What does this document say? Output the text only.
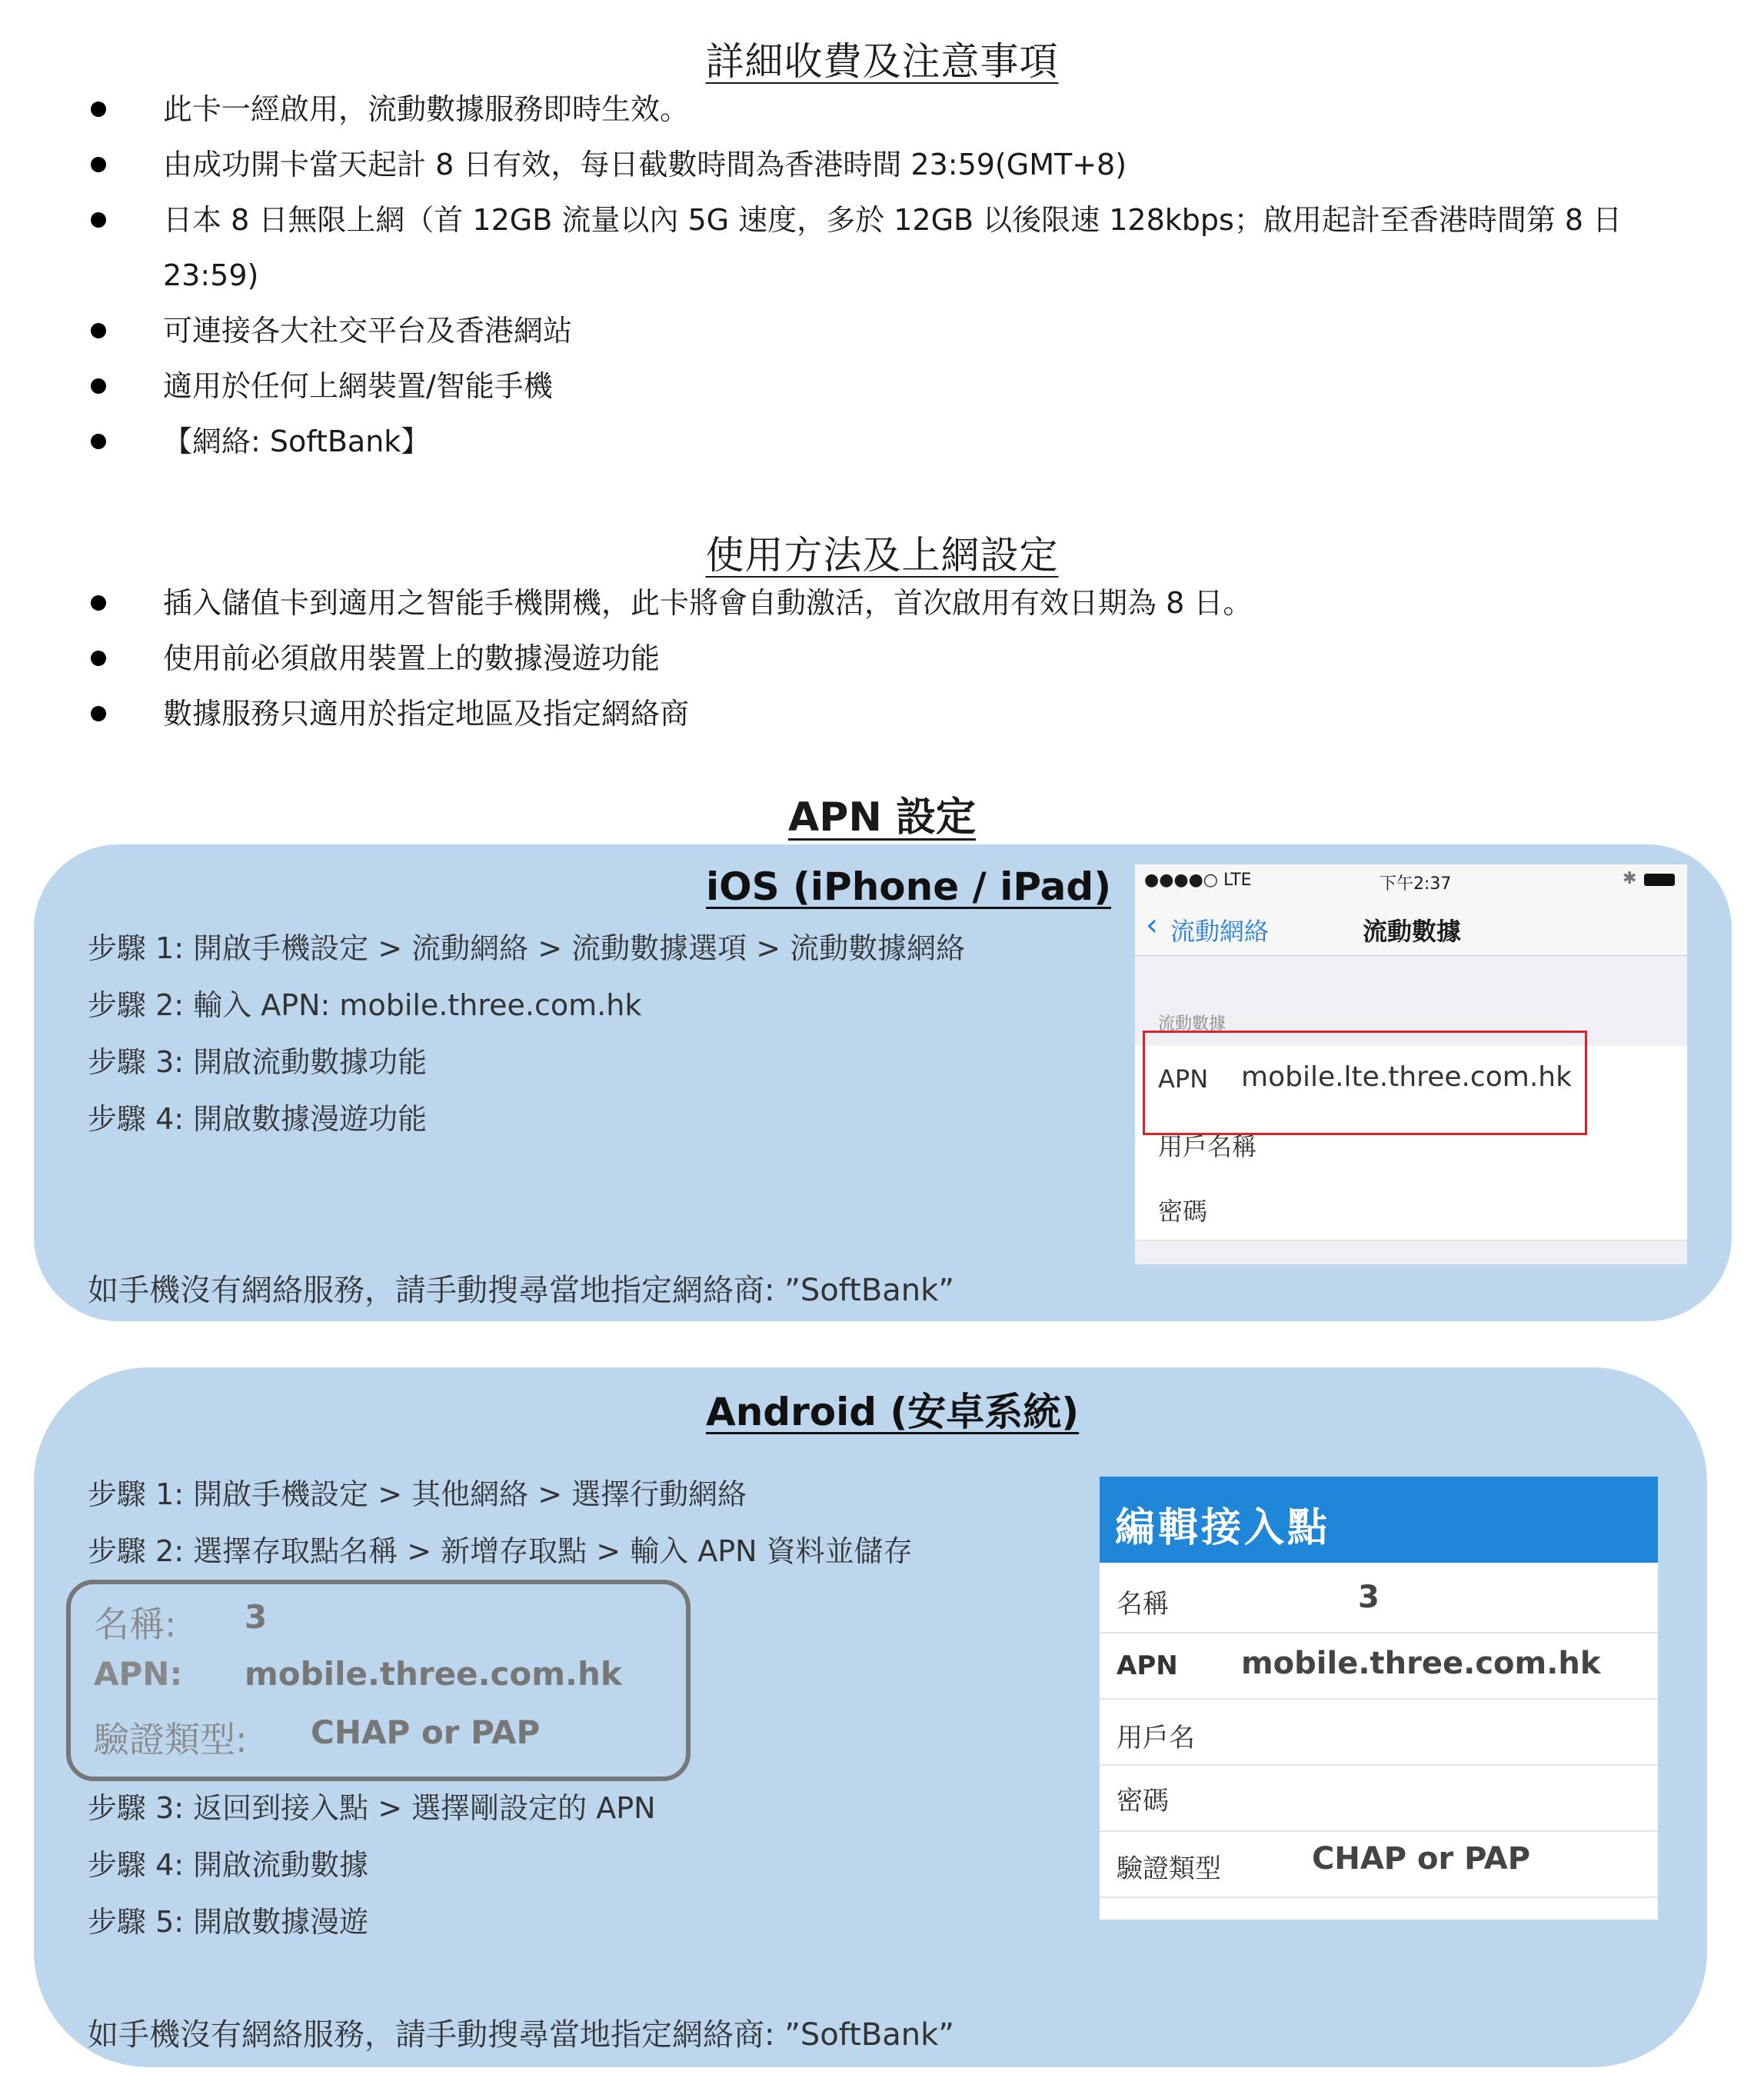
詳細收費及注意事項
此卡一經啟用，流動數據服務即時生效。
由成功開卡當天起計 8 日有效，每日截數時間為香港時間 23:59(GMT+8)
日本 8 日無限上網（首 12GB 流量以內 5G 速度，多於 12GB 以後限速 128kbps；啟用起計至香港時間第 8 日 23:59)
可連接各大社交平台及香港網站
適用於任何上網裝置/智能手機
【網絡: SoftBank】
使用方法及上網設定
插入儲值卡到適用之智能手機開機，此卡將會自動激活，首次啟用有效日期為 8 日。
使用前必須啟用裝置上的數據漫遊功能
數據服務只適用於指定地區及指定網絡商
APN 設定
iOS (iPhone / iPad)
步驟 1: 開啟手機設定 > 流動網絡 > 流動數據選項 > 流動數據網絡
步驟 2: 輸入 APN: mobile.three.com.hk
步驟 3: 開啟流動數據功能
步驟 4: 開啟數據漫遊功能
如手機沒有網絡服務，請手動搜尋當地指定網絡商: ”SoftBank”
●●●●○ LTE	下午2:37	✱
‹ 流動網絡	流動數據
流動數據
APN mobile.lte.three.com.hk
用戶名稱
密碼
Android (安卓系統)
步驟 1: 開啟手機設定 > 其他網絡 > 選擇行動網絡
步驟 2: 選擇存取點名稱 > 新增存取點 > 輸入 APN 資料並儲存
名稱: 3
APN: mobile.three.com.hk
驗證類型: CHAP or PAP
步驟 3: 返回到接入點 > 選擇剛設定的 APN
步驟 4: 開啟流動數據
步驟 5: 開啟數據漫遊
如手機沒有網絡服務，請手動搜尋當地指定網絡商: ”SoftBank”
編輯接入點
名稱	3
APN mobile.three.com.hk
用戶名
密碼
驗證類型	CHAP or PAP
